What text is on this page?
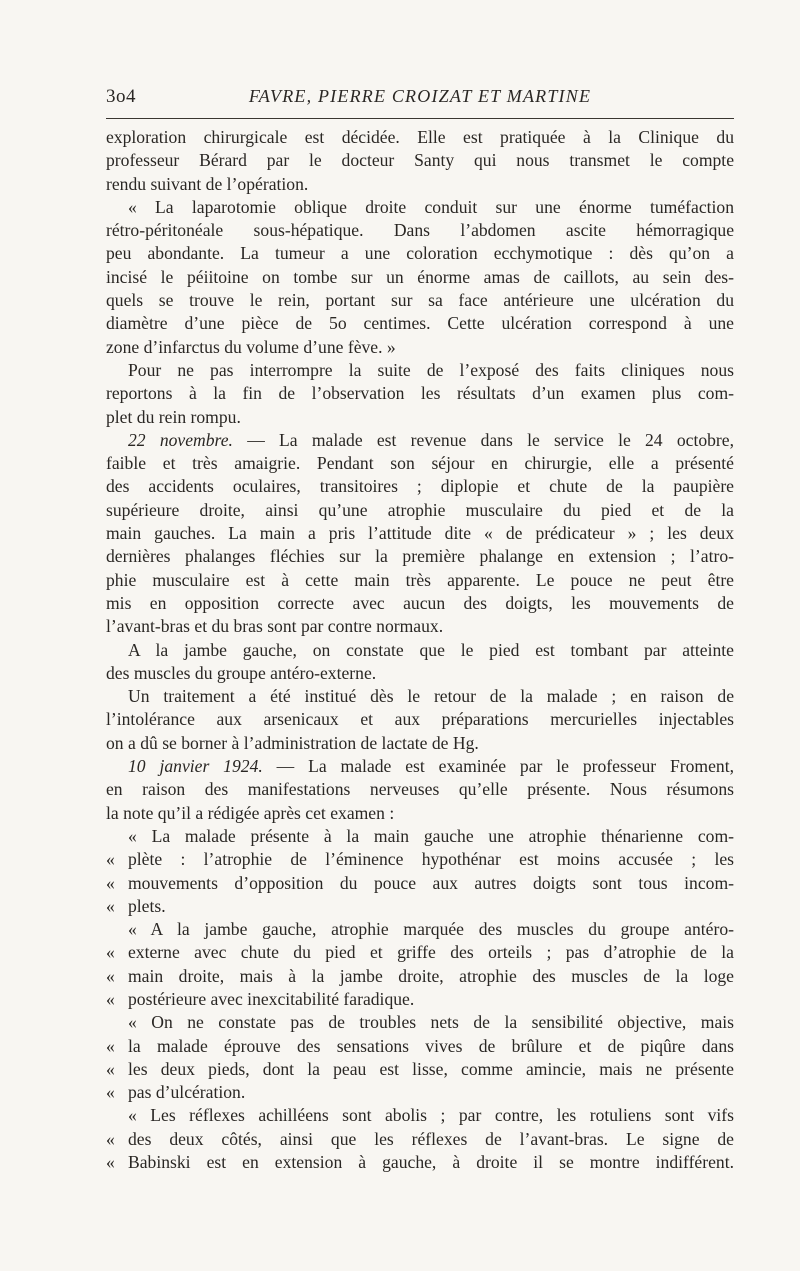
3o4	FAVRE, PIERRE CROIZAT ET MARTINE
exploration chirurgicale est décidée. Elle est pratiquée à la Clinique du
professeur Bérard par le docteur Santy qui nous transmet le compte
rendu suivant de l’opération.
« La laparotomie oblique droite conduit sur une énorme tuméfaction
rétro-péritonéale sous-hépatique. Dans l’abdomen ascite hémorragique
peu abondante. La tumeur a une coloration ecchymotique : dès qu’on a
incisé le péiitoine on tombe sur un énorme amas de caillots, au sein des-
quels se trouve le rein, portant sur sa face antérieure une ulcération du
diamètre d’une pièce de 5o centimes. Cette ulcération correspond à une
zone d’infarctus du volume d’une fève. »
Pour ne pas interrompre la suite de l’exposé des faits cliniques nous
reportons à la fin de l’observation les résultats d’un examen plus com-
plet du rein rompu.
22 novembre. — La malade est revenue dans le service le 24 octobre,
faible et très amaigrie. Pendant son séjour en chirurgie, elle a présenté
des accidents oculaires, transitoires ; diplopie et chute de la paupière
supérieure droite, ainsi qu’une atrophie musculaire du pied et de la
main gauches. La main a pris l’attitude dite « de prédicateur » ; les deux
dernières phalanges fléchies sur la première phalange en extension ; l’atro-
phie musculaire est à cette main très apparente. Le pouce ne peut être
mis en opposition correcte avec aucun des doigts, les mouvements de
l’avant-bras et du bras sont par contre normaux.
A la jambe gauche, on constate que le pied est tombant par atteinte
des muscles du groupe antéro-externe.
Un traitement a été institué dès le retour de la malade ; en raison de
l’intolérance aux arsenicaux et aux préparations mercurielles injectables
on a dû se borner à l’administration de lactate de Hg.
10 janvier 1924. — La malade est examinée par le professeur Froment,
en raison des manifestations nerveuses qu’elle présente. Nous résumons
la note qu’il a rédigée après cet examen :
« La malade présente à la main gauche une atrophie thénarienne com-
« plète : l’atrophie de l’éminence hypothénar est moins accusée ; les
« mouvements d’opposition du pouce aux autres doigts sont tous incom-
« plets.
« A la jambe gauche, atrophie marquée des muscles du groupe antéro-
« externe avec chute du pied et griffe des orteils ; pas d’atrophie de la
« main droite, mais à la jambe droite, atrophie des muscles de la loge
« postérieure avec inexcitabilité faradique.
« On ne constate pas de troubles nets de la sensibilité objective, mais
« la malade éprouve des sensations vives de brûlure et de piqûre dans
« les deux pieds, dont la peau est lisse, comme amincie, mais ne présente
« pas d’ulcération.
« Les réflexes achilléens sont abolis ; par contre, les rotuliens sont vifs
« des deux côtés, ainsi que les réflexes de l’avant-bras. Le signe de
« Babinski est en extension à gauche, à droite il se montre indifférent.
